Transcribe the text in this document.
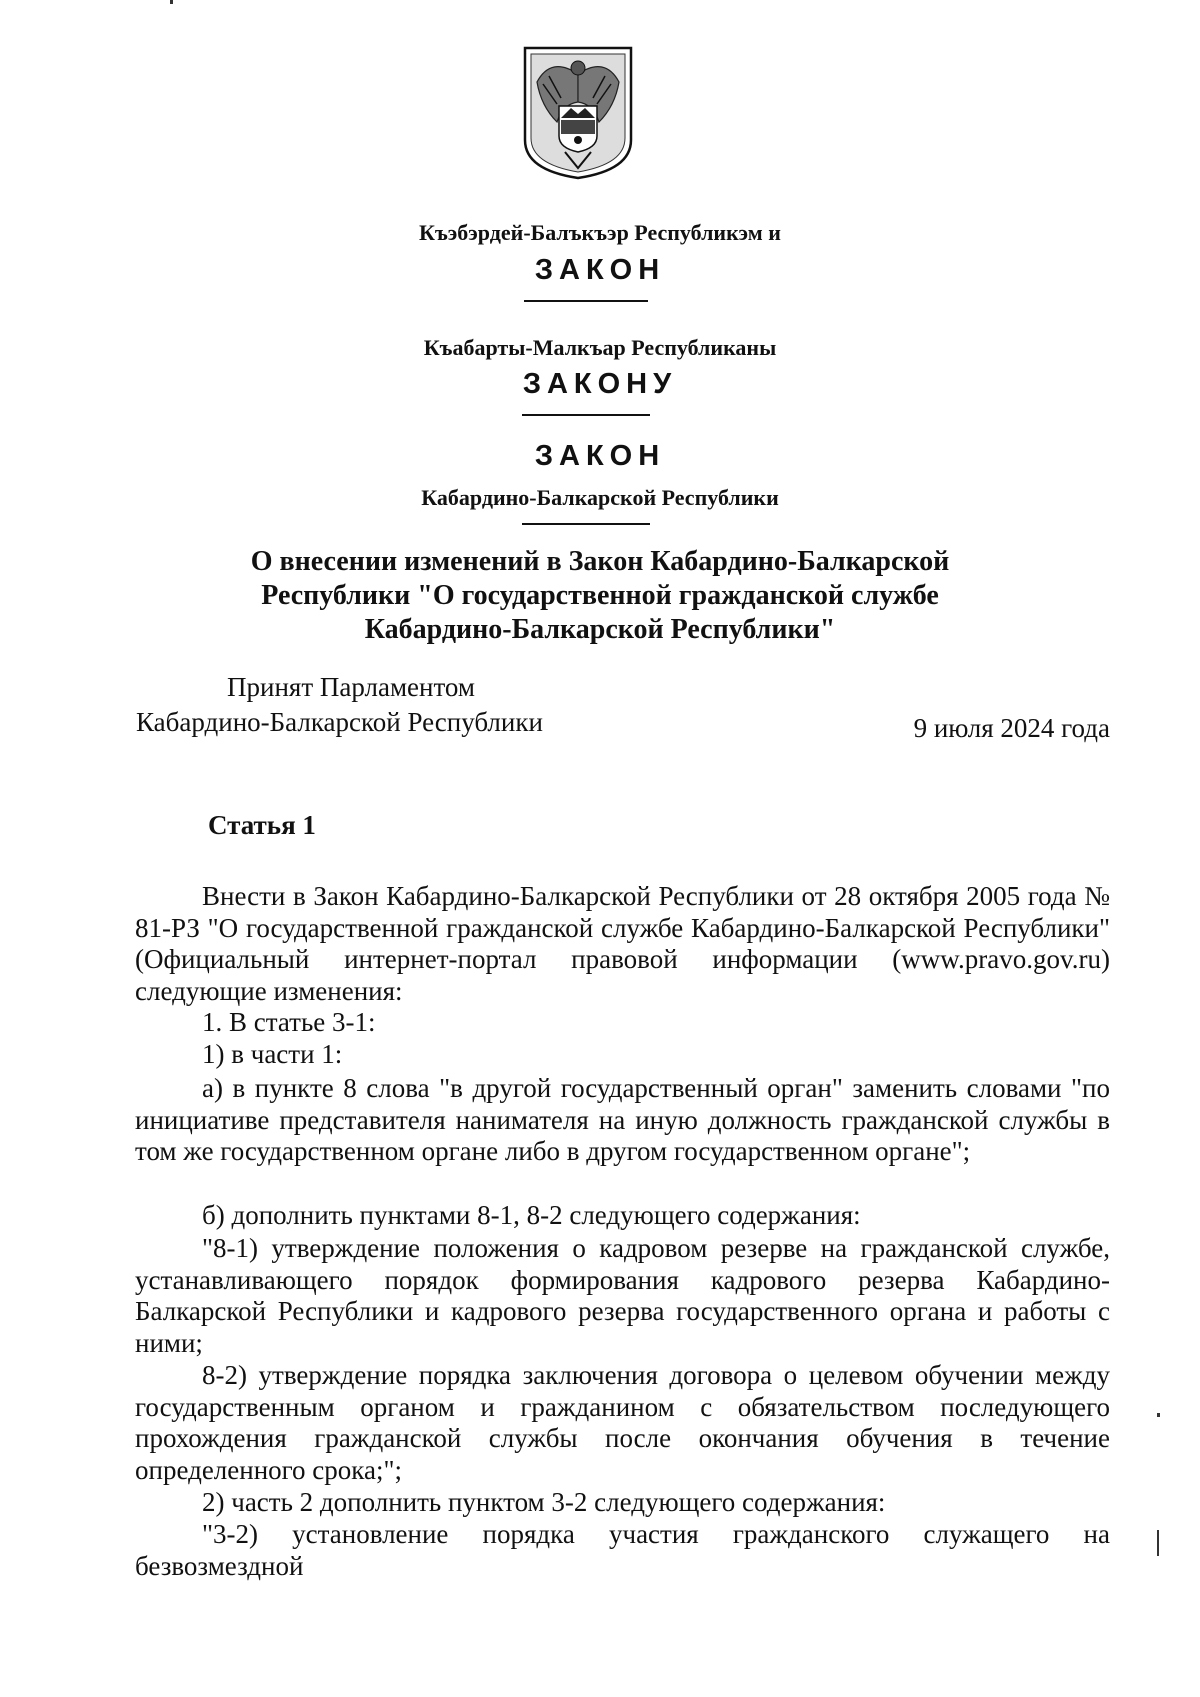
Къэбэрдей-Балъкъэр Республикэм и
ЗАКОН
Къабарты-Малкъар Республиканы
ЗАКОНУ
ЗАКОН
Кабардино-Балкарской Республики
О внесении изменений в Закон Кабардино-Балкарской
Республики "О государственной гражданской службе
Кабардино-Балкарской Республики"
Принят Парламентом
Кабардино-Балкарской Республики	9 июля 2024 года
Статья 1
Внести в Закон Кабардино-Балкарской Республики от 28 октября 2005 года № 81-РЗ "О государственной гражданской службе Кабардино-Балкарской Республики" (Официальный интернет-портал правовой информации (www.pravo.gov.ru) следующие изменения:
1. В статье 3-1:
1) в части 1:
а) в пункте 8 слова "в другой государственный орган" заменить словами "по инициативе представителя нанимателя на иную должность гражданской службы в том же государственном органе либо в другом государственном органе";
б) дополнить пунктами 8-1, 8-2 следующего содержания:
"8-1) утверждение положения о кадровом резерве на гражданской службе, устанавливающего порядок формирования кадрового резерва Кабардино-Балкарской Республики и кадрового резерва государственного органа и работы с ними;
8-2) утверждение порядка заключения договора о целевом обучении между государственным органом и гражданином с обязательством последующего прохождения гражданской службы после окончания обучения в течение определенного срока;";
2) часть 2 дополнить пунктом 3-2 следующего содержания:
"3-2) установление порядка участия гражданского служащего на безвозмездной
